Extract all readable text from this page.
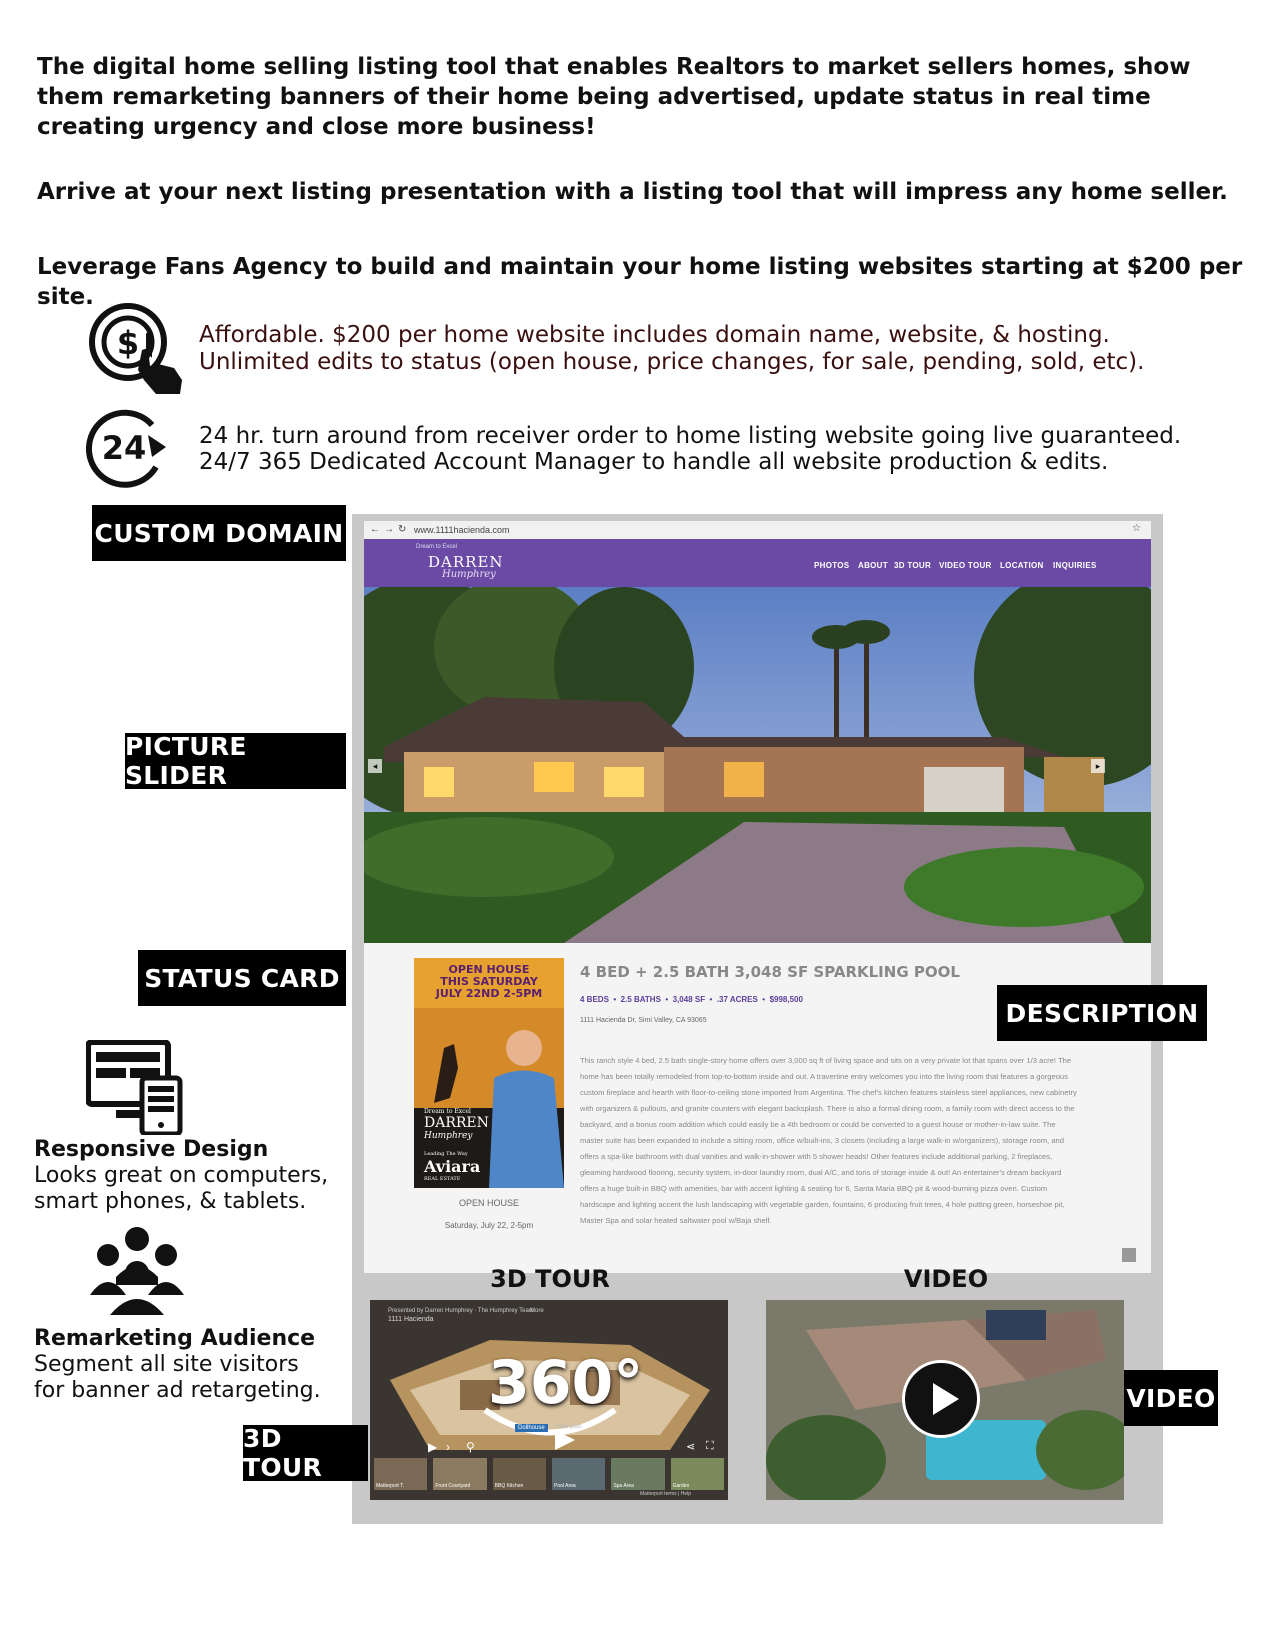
The digital home selling listing tool that enables Realtors to market sellers homes, show them remarketing banners of their home being advertised, update status in real time creating urgency and close more business!

Arrive at your next listing presentation with a listing tool that will impress any home seller.

Leverage Fans Agency to build and maintain your home listing websites starting at $200 per site.

$	Affordable. $200 per home website includes domain name, website, & hosting.
Unlimited edits to status (open house, price changes, for sale, pending, sold, etc).
24 24 hr. turn around from receiver order to home listing website going live guaranteed.
24/7 365 Dedicated Account Manager to handle all website production & edits.
← → ↻ www.1111hacienda.com	☆
Dream to Excel
DARREN
Humphrey
PHOTOS ABOUT 3D TOUR VIDEO TOUR LOCATION INQUIRIES
◂	▸
OPEN HOUSE
THIS SATURDAY
JULY 22ND 2-5PM
Dream to Excel
DARREN
Humphrey
Leading The Way
Aviara
REAL ESTATE
OPEN HOUSE
Saturday, July 22, 2-5pm
4 BED + 2.5 BATH 3,048 SF SPARKLING POOL
4 BEDS  •  2.5 BATHS  •  3,048 SF  •  .37 ACRES  •  $998,500
1111 Hacienda Dr, Simi Valley, CA 93065
This ranch style 4 bed, 2.5 bath single-story home offers over 3,000 sq ft of living space and sits on a very private lot that spans over 1/3 acre! The home has been totally remodeled from top-to-bottom inside and out. A travertine entry welcomes you into the living room that features a gorgeous custom fireplace and hearth with floor-to-ceiling stone imported from Argentina. The chef's kitchen features stainless steel appliances, new cabinetry with organizers & pullouts, and granite counters with elegant backsplash. There is also a formal dining room, a family room with direct access to the backyard, and a bonus room addition which could easily be a 4th bedroom or could be converted to a guest house or mother-in-law suite. The master suite has been expanded to include a sitting room, office w/built-ins, 3 closets (including a large walk-in w/organizers), storage room, and offers a spa-like bathroom with dual vanities and walk-in-shower with 5 shower heads! Other features include additional parking, 2 fireplaces, gleaming hardwood flooring, security system, in-door laundry room, dual A/C, and tons of storage inside & out! An entertainer's dream backyard offers a huge built-in BBQ with amenities, bar with accent lighting & seating for 6, Santa Maria BBQ pit & wood-burning pizza oven. Custom hardscape and lighting accent the lush landscaping with vegetable garden, fountains, 6 producing fruit trees, 4 hole putting green, horseshoe pit, Master Spa and solar heated saltwater pool w/Baja shelf.
3D TOUR	VIDEO
Presented by Darren Humphrey · The Humphrey Team
More
1111 Hacienda
360°
Dollhouse	Floor plan
▶ › ⚲	⋖ ⛶
Matterport T.	Front Courtyard	BBQ Kitchen	Pool Area	Spa Area	Garden
Matterport terms | Help
CUSTOM DOMAIN
PICTURE SLIDER
STATUS CARD
DESCRIPTION
3D TOUR
VIDEO
Responsive Design
Looks great on computers,
smart phones, & tablets.
Remarketing Audience
Segment all site visitors
for banner ad retargeting.
